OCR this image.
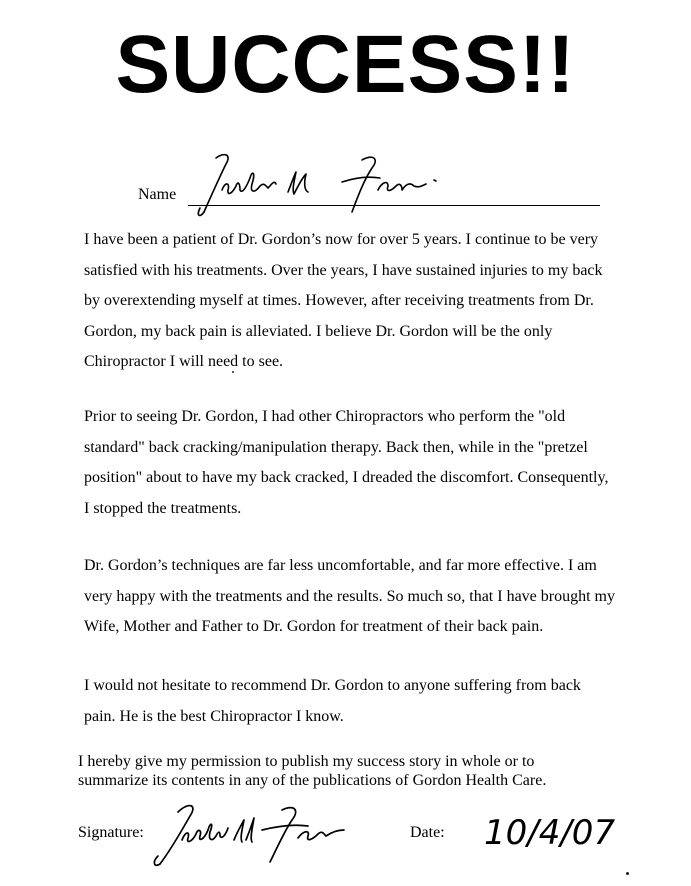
SUCCESS!!
Name

I have been a patient of Dr. Gordon’s now for over 5 years. I continue to be very

satisfied with his treatments. Over the years, I have sustained injuries to my back

by overextending myself at times. However, after receiving treatments from Dr.

Gordon, my back pain is alleviated. I believe Dr. Gordon will be the only

Chiropractor I will need to see.

Prior to seeing Dr. Gordon, I had other Chiropractors who perform the "old

standard" back cracking/manipulation therapy. Back then, while in the "pretzel

position" about to have my back cracked, I dreaded the discomfort. Consequently,

I stopped the treatments.

Dr. Gordon’s techniques are far less uncomfortable, and far more effective. I am

very happy with the treatments and the results. So much so, that I have brought my

Wife, Mother and Father to Dr. Gordon for treatment of their back pain.

I would not hesitate to recommend Dr. Gordon to anyone suffering from back

pain. He is the best Chiropractor I know.

I hereby give my permission to publish my success story in whole or to
summarize its contents in any of the publications of Gordon Health Care.
Signature:	Date: 10/4/07
